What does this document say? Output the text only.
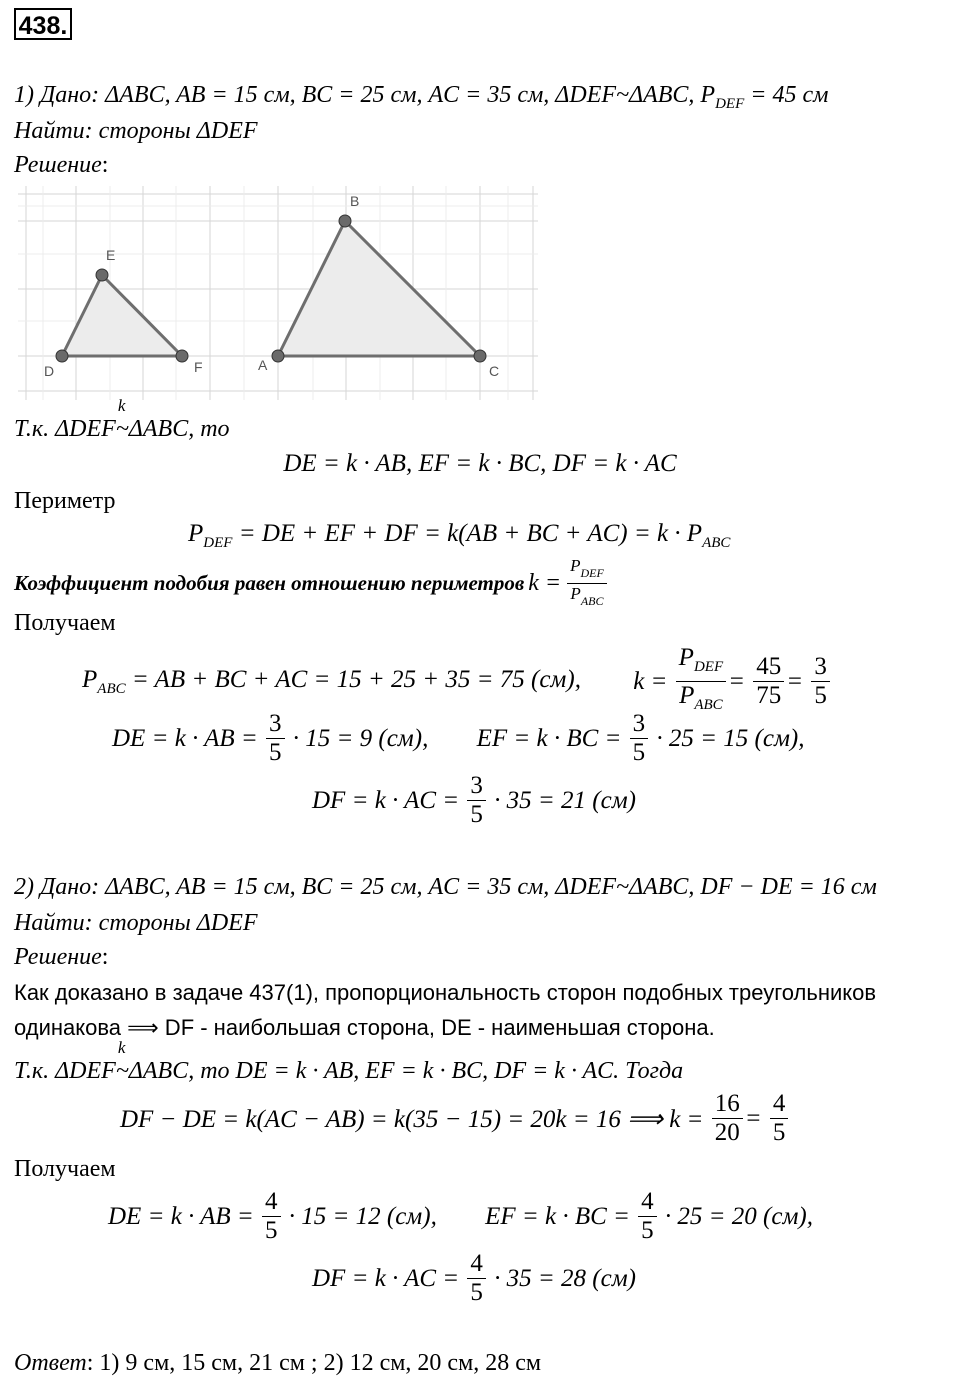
438.
1) Дано: ΔABC, AB = 15 см, BC = 25 см, AC = 35 см, ΔDEF~ΔABC, $P_{DEF} = 45$ см
Найти: стороны ΔDEF
Решение:
D
E
F	A
B
C
Т.к. ΔDEF
k
~ΔABC, то
DE = k · AB, EF = k · BC, DF = k · AC
Периметр
$P_{DEF}$ = DE + EF + DF = k(AB + BC + $AC) = k \cdot P_{ABC}$
Коэффициент подобия равен отношению периметров $k = \frac{P_{DEF}}{P_{ABC}}$
Получаем
$P_{ABC}$ = AB + BC + AC = 15 + 25 + 35 = 75 (см), $k = \frac{P_{DEF}}{P_{ABC}} = \frac{45}{75} = \frac{3}{5}$
DE = k · AB = $\frac{3}{5} \cdot 15 = 9$ (см), EF = k · BC = $\frac{3}{5} \cdot 25 = 15$ (см),
DF = k · AC = $\frac{3}{5} \cdot 35 = 21$ (см)
2) Дано: ΔABC, AB = 15 см, BC = 25 см, AC = 35 см, ΔDEF~ΔABC, DF − DE = 16 см
Найти: стороны ΔDEF
Решение:
Как доказано в задаче 437(1), пропорциональность сторон подобных треугольников
одинакова ⟹ DF - наибольшая сторона, DE - наименьшая сторона.
Т.к. ΔDEF
k
~ΔABC, то DE = k · AB, EF = k · BC, DF = k · AC. Тогда
DF − DE = k(AC − AB) = k(35 − 15) = 20k = 16 ⟹ $k = \frac{16}{20} = \frac{4}{5}$
Получаем
DE = k · AB = $\frac{4}{5} \cdot 15 = 12$ (см), EF = k · BC = $\frac{4}{5} \cdot 25 = 20$ (см),
DF = k · AC = $\frac{4}{5} \cdot 35 = 28$ (см)
Ответ: 1) 9 см, 15 см, 21 см ; 2) 12 см, 20 см, 28 см
